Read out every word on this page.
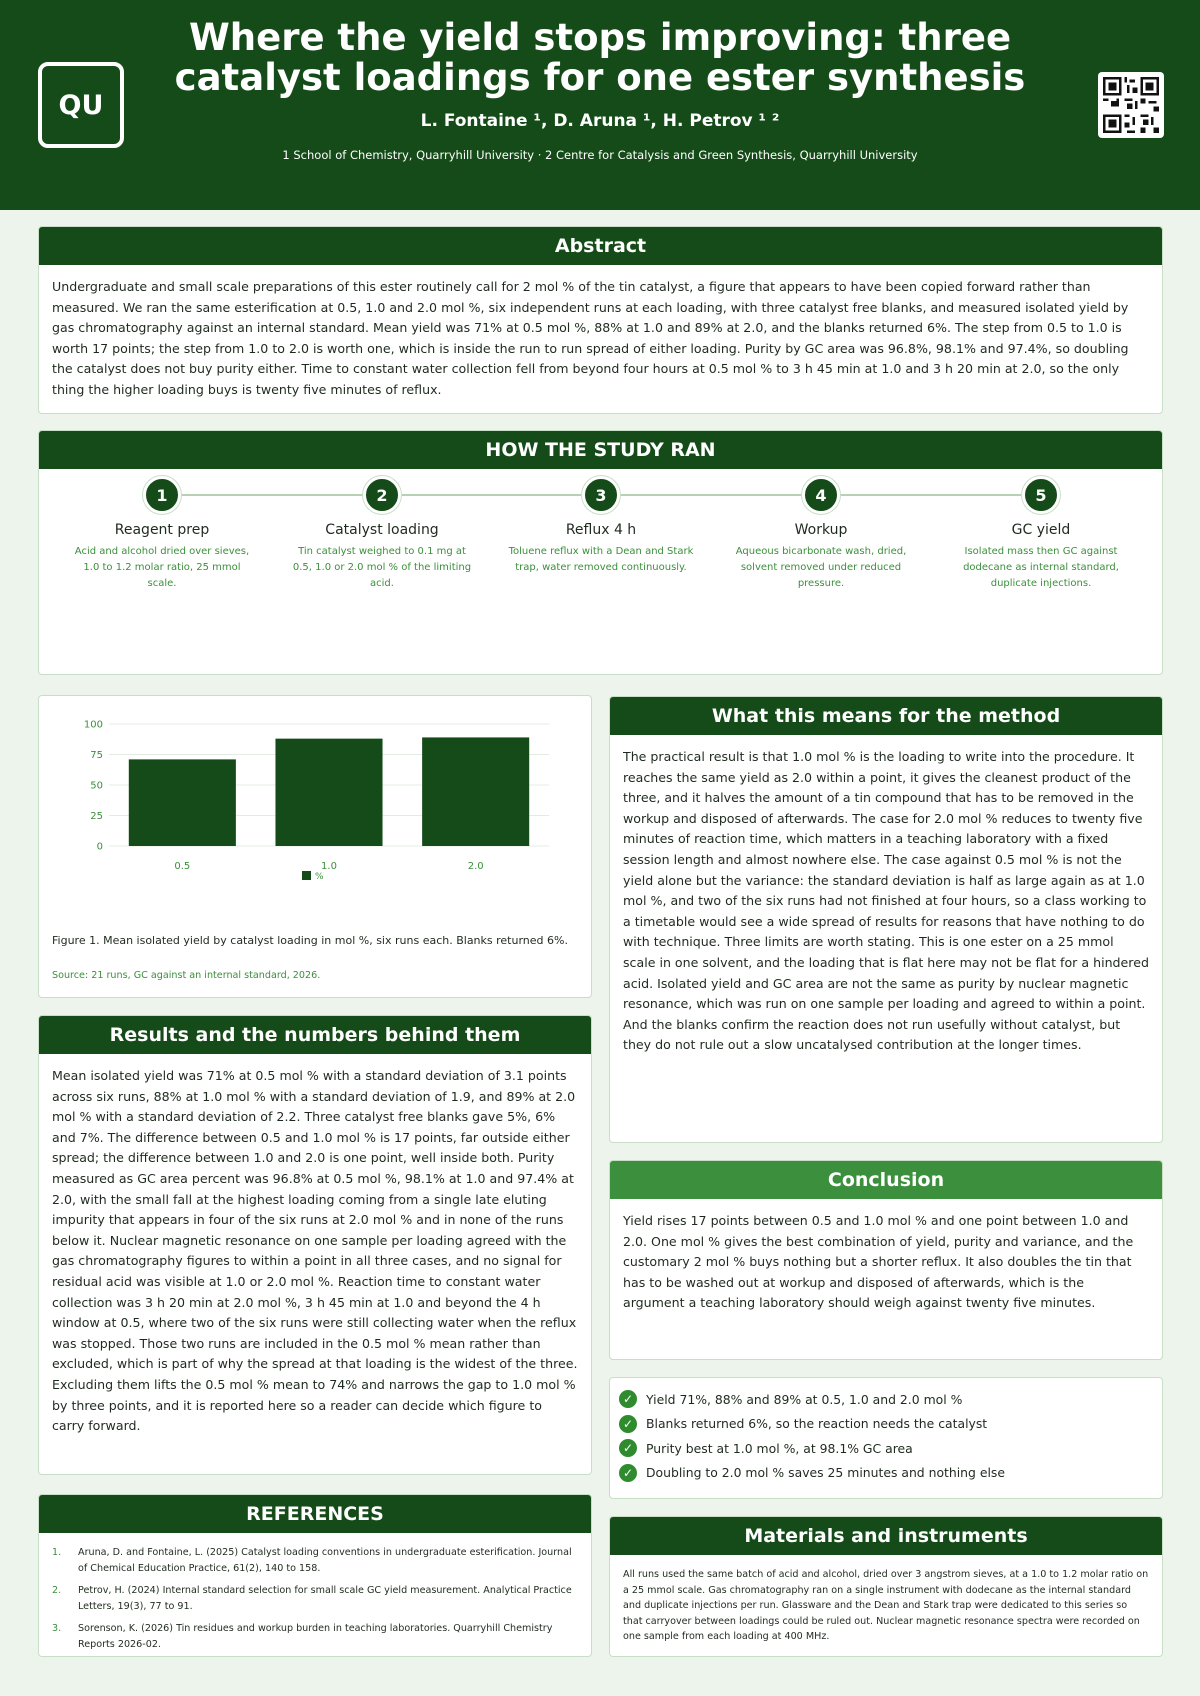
QU
Where the yield stops improving: three catalyst loadings for one ester synthesis
L. Fontaine ¹, D. Aruna ¹, H. Petrov ¹ ²
1 School of Chemistry, Quarryhill University · 2 Centre for Catalysis and Green Synthesis, Quarryhill University
Abstract
Undergraduate and small scale preparations of this ester routinely call for 2 mol % of the tin catalyst, a figure that appears to have been copied forward rather than measured. We ran the same esterification at 0.5, 1.0 and 2.0 mol %, six independent runs at each loading, with three catalyst free blanks, and measured isolated yield by gas chromatography against an internal standard. Mean yield was 71% at 0.5 mol %, 88% at 1.0 and 89% at 2.0, and the blanks returned 6%. The step from 0.5 to 1.0 is worth 17 points; the step from 1.0 to 2.0 is worth one, which is inside the run to run spread of either loading. Purity by GC area was 96.8%, 98.1% and 97.4%, so doubling the catalyst does not buy purity either. Time to constant water collection fell from beyond four hours at 0.5 mol % to 3 h 45 min at 1.0 and 3 h 20 min at 2.0, so the only thing the higher loading buys is twenty five minutes of reflux.
HOW THE STUDY RAN
1
Reagent prep
Acid and alcohol dried over sieves, 1.0 to 1.2 molar ratio, 25 mmol scale.
2
Catalyst loading
Tin catalyst weighed to 0.1 mg at 0.5, 1.0 or 2.0 mol % of the limiting acid.
3
Reflux 4 h
Toluene reflux with a Dean and Stark trap, water removed continuously.
4
Workup
Aqueous bicarbonate wash, dried, solvent removed under reduced pressure.
5
GC yield
Isolated mass then GC against dodecane as internal standard, duplicate injections.
0
25
50
75
100
0.5	1.0	2.0
%
Figure 1. Mean isolated yield by catalyst loading in mol %, six runs each. Blanks returned 6%.
Source: 21 runs, GC against an internal standard, 2026.
Results and the numbers behind them
Mean isolated yield was 71% at 0.5 mol % with a standard deviation of 3.1 points across six runs, 88% at 1.0 mol % with a standard deviation of 1.9, and 89% at 2.0 mol % with a standard deviation of 2.2. Three catalyst free blanks gave 5%, 6% and 7%. The difference between 0.5 and 1.0 mol % is 17 points, far outside either spread; the difference between 1.0 and 2.0 is one point, well inside both. Purity measured as GC area percent was 96.8% at 0.5 mol %, 98.1% at 1.0 and 97.4% at 2.0, with the small fall at the highest loading coming from a single late eluting impurity that appears in four of the six runs at 2.0 mol % and in none of the runs below it. Nuclear magnetic resonance on one sample per loading agreed with the gas chromatography figures to within a point in all three cases, and no signal for residual acid was visible at 1.0 or 2.0 mol %. Reaction time to constant water collection was 3 h 20 min at 2.0 mol %, 3 h 45 min at 1.0 and beyond the 4 h window at 0.5, where two of the six runs were still collecting water when the reflux was stopped. Those two runs are included in the 0.5 mol % mean rather than excluded, which is part of why the spread at that loading is the widest of the three. Excluding them lifts the 0.5 mol % mean to 74% and narrows the gap to 1.0 mol % by three points, and it is reported here so a reader can decide which figure to carry forward.
REFERENCES
1.	Aruna, D. and Fontaine, L. (2025) Catalyst loading conventions in undergraduate esterification. Journal of Chemical Education Practice, 61(2), 140 to 158.
2.	Petrov, H. (2024) Internal standard selection for small scale GC yield measurement. Analytical Practice Letters, 19(3), 77 to 91.
3.	Sorenson, K. (2026) Tin residues and workup burden in teaching laboratories. Quarryhill Chemistry Reports 2026-02.
What this means for the method
The practical result is that 1.0 mol % is the loading to write into the procedure. It reaches the same yield as 2.0 within a point, it gives the cleanest product of the three, and it halves the amount of a tin compound that has to be removed in the workup and disposed of afterwards. The case for 2.0 mol % reduces to twenty five minutes of reaction time, which matters in a teaching laboratory with a fixed session length and almost nowhere else. The case against 0.5 mol % is not the yield alone but the variance: the standard deviation is half as large again as at 1.0 mol %, and two of the six runs had not finished at four hours, so a class working to a timetable would see a wide spread of results for reasons that have nothing to do with technique. Three limits are worth stating. This is one ester on a 25 mmol scale in one solvent, and the loading that is flat here may not be flat for a hindered acid. Isolated yield and GC area are not the same as purity by nuclear magnetic resonance, which was run on one sample per loading and agreed to within a point. And the blanks confirm the reaction does not run usefully without catalyst, but they do not rule out a slow uncatalysed contribution at the longer times.
Conclusion
Yield rises 17 points between 0.5 and 1.0 mol % and one point between 1.0 and 2.0. One mol % gives the best combination of yield, purity and variance, and the customary 2 mol % buys nothing but a shorter reflux. It also doubles the tin that has to be washed out at workup and disposed of afterwards, which is the argument a teaching laboratory should weigh against twenty five minutes.
✓	Yield 71%, 88% and 89% at 0.5, 1.0 and 2.0 mol %
✓	Blanks returned 6%, so the reaction needs the catalyst
✓	Purity best at 1.0 mol %, at 98.1% GC area
✓	Doubling to 2.0 mol % saves 25 minutes and nothing else
Materials and instruments
All runs used the same batch of acid and alcohol, dried over 3 angstrom sieves, at a 1.0 to 1.2 molar ratio on a 25 mmol scale. Gas chromatography ran on a single instrument with dodecane as the internal standard and duplicate injections per run. Glassware and the Dean and Stark trap were dedicated to this series so that carryover between loadings could be ruled out. Nuclear magnetic resonance spectra were recorded on one sample from each loading at 400 MHz.
